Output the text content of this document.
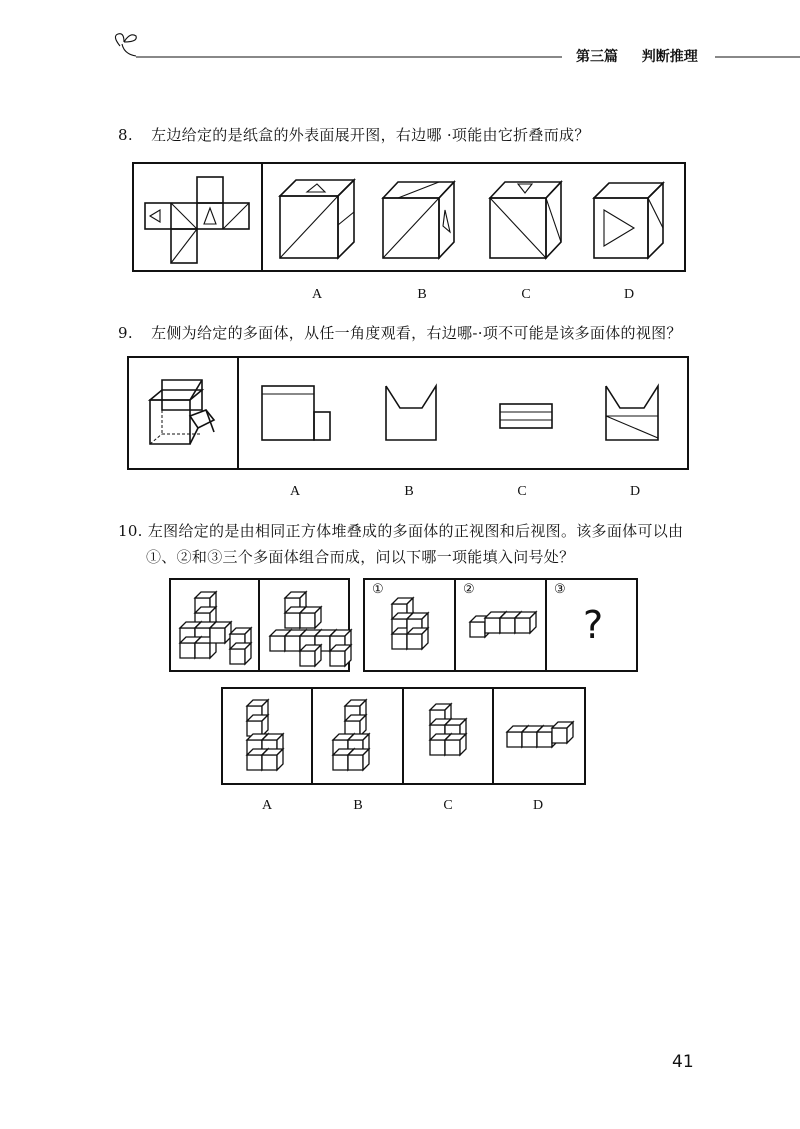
第三篇 判断推理
8. 左边给定的是纸盒的外表面展开图，右边哪 ·项能由它折叠而成？
A	B	C	D
9. 左侧为给定的多面体，从任一角度观看，右边哪-·项不可能是该多面体的视图？
A	B	C	D
10. 左图给定的是由相同正方体堆叠成的多面体的正视图和后视图。该多面体可以由
①、②和③三个多面体组合而成，问以下哪一项能填入问号处？
①	②	③
?
A	B	C	D
41
